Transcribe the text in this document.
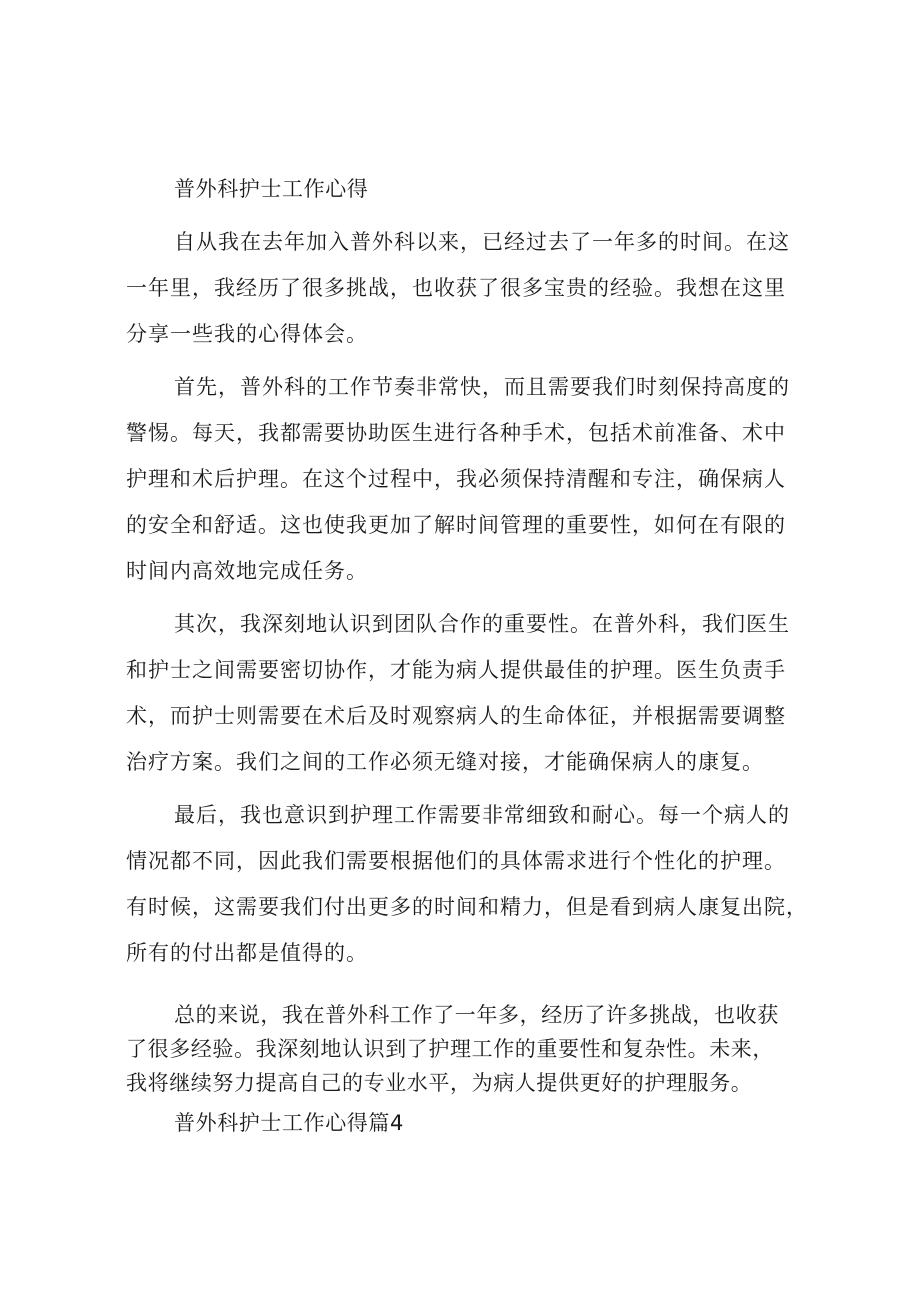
普外科护士工作心得
自从我在去年加入普外科以来，已经过去了一年多的时间。在这
一年里，我经历了很多挑战，也收获了很多宝贵的经验。我想在这里
分享一些我的心得体会。
首先，普外科的工作节奏非常快，而且需要我们时刻保持高度的
警惕。每天，我都需要协助医生进行各种手术，包括术前准备、术中
护理和术后护理。在这个过程中，我必须保持清醒和专注，确保病人
的安全和舒适。这也使我更加了解时间管理的重要性，如何在有限的
时间内高效地完成任务。
其次，我深刻地认识到团队合作的重要性。在普外科，我们医生
和护士之间需要密切协作，才能为病人提供最佳的护理。医生负责手
术，而护士则需要在术后及时观察病人的生命体征，并根据需要调整
治疗方案。我们之间的工作必须无缝对接，才能确保病人的康复。
最后，我也意识到护理工作需要非常细致和耐心。每一个病人的
情况都不同，因此我们需要根据他们的具体需求进行个性化的护理。
有时候，这需要我们付出更多的时间和精力，但是看到病人康复出院，
所有的付出都是值得的。
总的来说，我在普外科工作了一年多，经历了许多挑战，也收获
了很多经验。我深刻地认识到了护理工作的重要性和复杂性。未来，
我将继续努力提高自己的专业水平，为病人提供更好的护理服务。
普外科护士工作心得篇4
